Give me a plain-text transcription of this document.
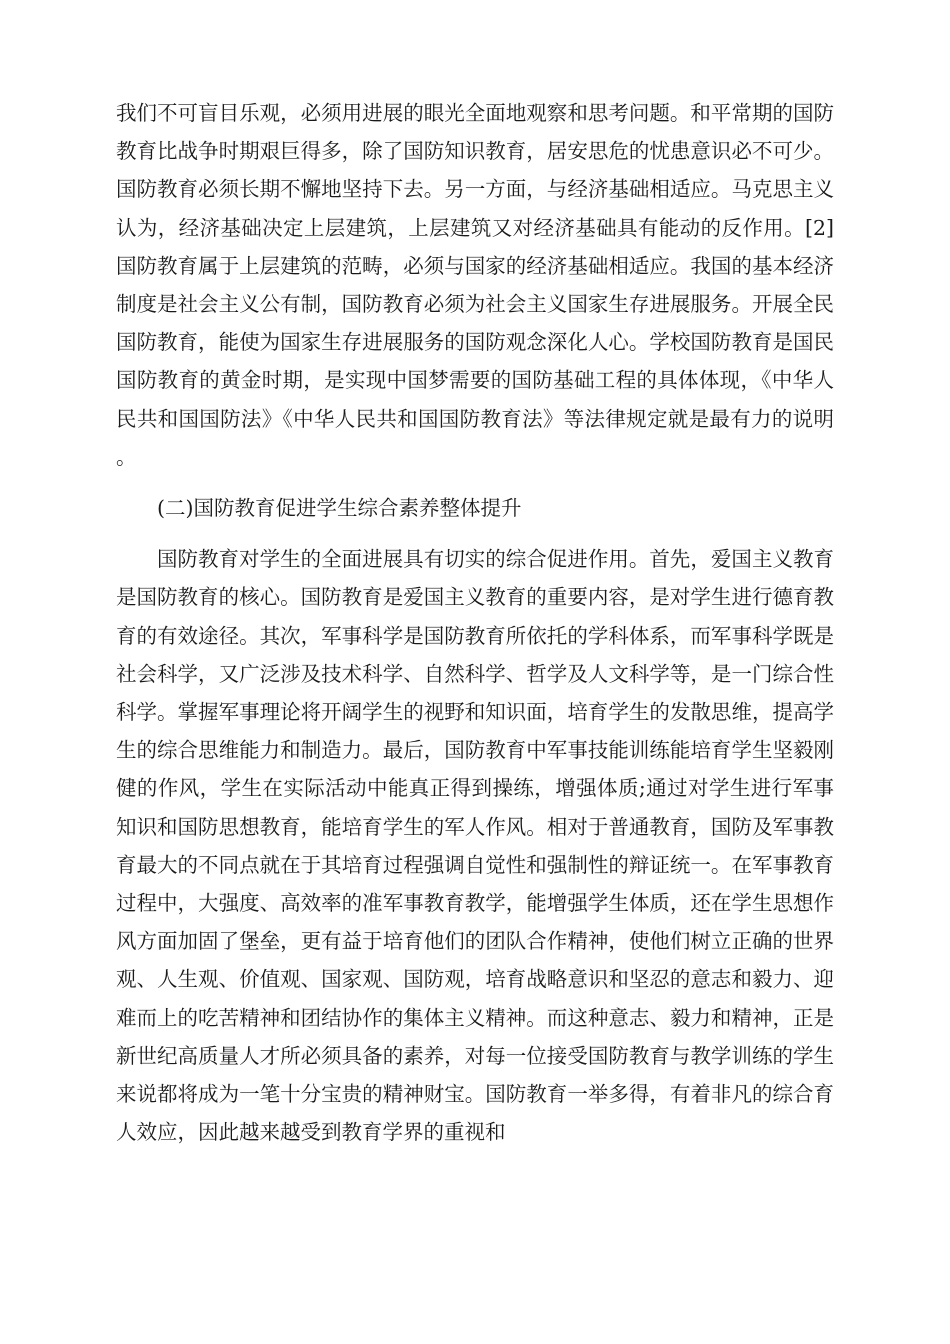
我们不可盲目乐观，必须用进展的眼光全面地观察和思考问题。和平常期的国防教育比战争时期艰巨得多，除了国防知识教育，居安思危的忧患意识必不可少。国防教育必须长期不懈地坚持下去。另一方面，与经济基础相适应。马克思主义认为，经济基础决定上层建筑，上层建筑又对经济基础具有能动的反作用。[2]国防教育属于上层建筑的范畴，必须与国家的经济基础相适应。我国的基本经济制度是社会主义公有制，国防教育必须为社会主义国家生存进展服务。开展全民国防教育，能使为国家生存进展服务的国防观念深化人心。学校国防教育是国民国防教育的黄金时期，是实现中国梦需要的国防基础工程的具体体现，《中华人民共和国国防法》《中华人民共和国国防教育法》等法律规定就是最有力的说明。

(二)国防教育促进学生综合素养整体提升

国防教育对学生的全面进展具有切实的综合促进作用。首先，爱国主义教育是国防教育的核心。国防教育是爱国主义教育的重要内容，是对学生进行德育教育的有效途径。其次，军事科学是国防教育所依托的学科体系，而军事科学既是社会科学，又广泛涉及技术科学、自然科学、哲学及人文科学等，是一门综合性科学。掌握军事理论将开阔学生的视野和知识面，培育学生的发散思维，提高学生的综合思维能力和制造力。最后，国防教育中军事技能训练能培育学生坚毅刚健的作风，学生在实际活动中能真正得到操练，增强体质;通过对学生进行军事知识和国防思想教育，能培育学生的军人作风。相对于普通教育，国防及军事教育最大的不同点就在于其培育过程强调自觉性和强制性的辩证统一。在军事教育过程中，大强度、高效率的准军事教育教学，能增强学生体质，还在学生思想作风方面加固了堡垒，更有益于培育他们的团队合作精神，使他们树立正确的世界观、人生观、价值观、国家观、国防观，培育战略意识和坚忍的意志和毅力、迎难而上的吃苦精神和团结协作的集体主义精神。而这种意志、毅力和精神，正是新世纪高质量人才所必须具备的素养，对每一位接受国防教育与教学训练的学生来说都将成为一笔十分宝贵的精神财宝。国防教育一举多得，有着非凡的综合育人效应，因此越来越受到教育学界的重视和
